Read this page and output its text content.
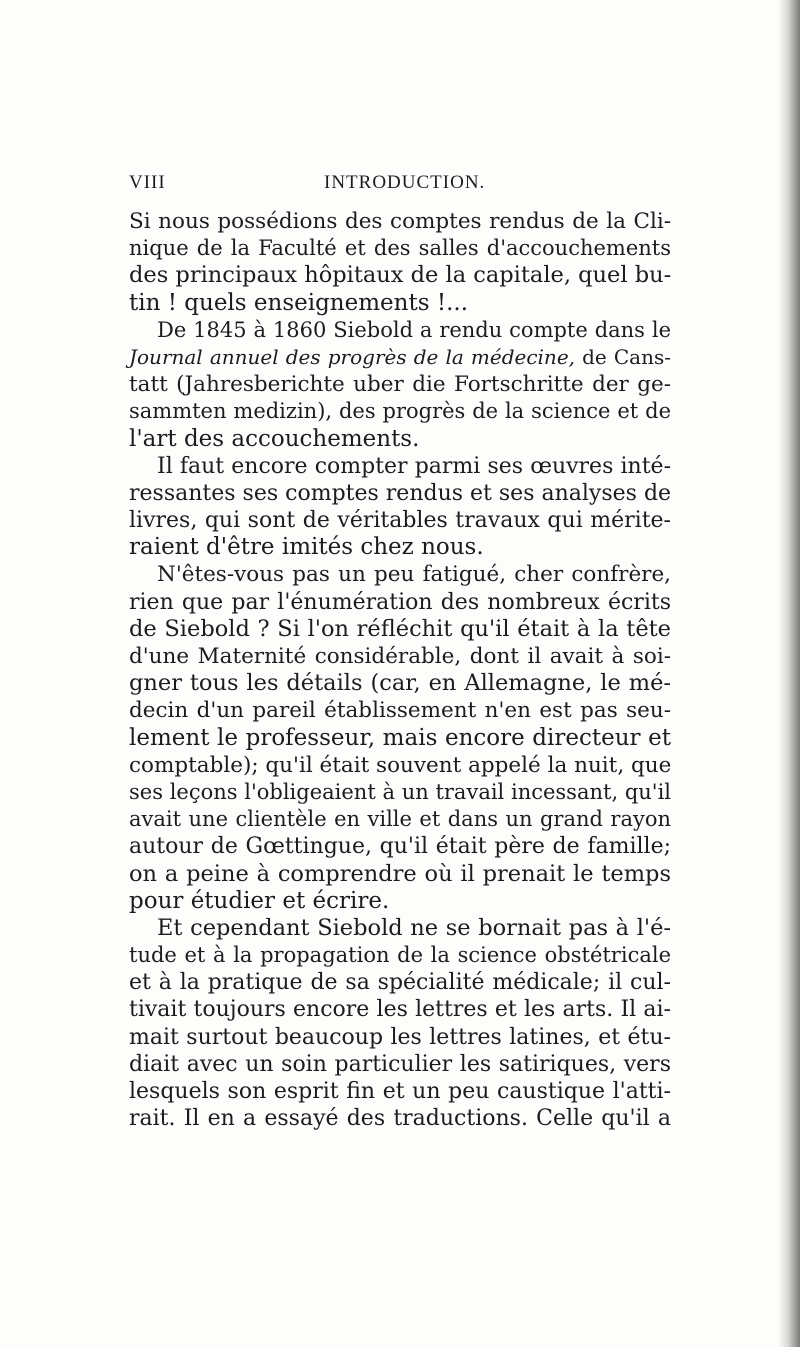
VIII	INTRODUCTION.
Si nous possédions des comptes rendus de la Cli-
nique de la Faculté et des salles d'accouchements
des principaux hôpitaux de la capitale, quel bu-
tin ! quels enseignements !...
De 1845 à 1860 Siebold a rendu compte dans le
Journal annuel des progrès de la médecine, de Cans-
tatt (Jahresberichte uber die Fortschritte der ge-
sammten medizin), des progrès de la science et de
l'art des accouchements.
Il faut encore compter parmi ses œuvres inté-
ressantes ses comptes rendus et ses analyses de
livres, qui sont de véritables travaux qui mérite-
raient d'être imités chez nous.
N'êtes-vous pas un peu fatigué, cher confrère,
rien que par l'énumération des nombreux écrits
de Siebold ? Si l'on réfléchit qu'il était à la tête
d'une Maternité considérable, dont il avait à soi-
gner tous les détails (car, en Allemagne, le mé-
decin d'un pareil établissement n'en est pas seu-
lement le professeur, mais encore directeur et
comptable); qu'il était souvent appelé la nuit, que
ses leçons l'obligeaient à un travail incessant, qu'il
avait une clientèle en ville et dans un grand rayon
autour de Gœttingue, qu'il était père de famille;
on a peine à comprendre où il prenait le temps
pour étudier et écrire.
Et cependant Siebold ne se bornait pas à l'é-
tude et à la propagation de la science obstétricale
et à la pratique de sa spécialité médicale; il cul-
tivait toujours encore les lettres et les arts. Il ai-
mait surtout beaucoup les lettres latines, et étu-
diait avec un soin particulier les satiriques, vers
lesquels son esprit fin et un peu caustique l'atti-
rait. Il en a essayé des traductions. Celle qu'il a
